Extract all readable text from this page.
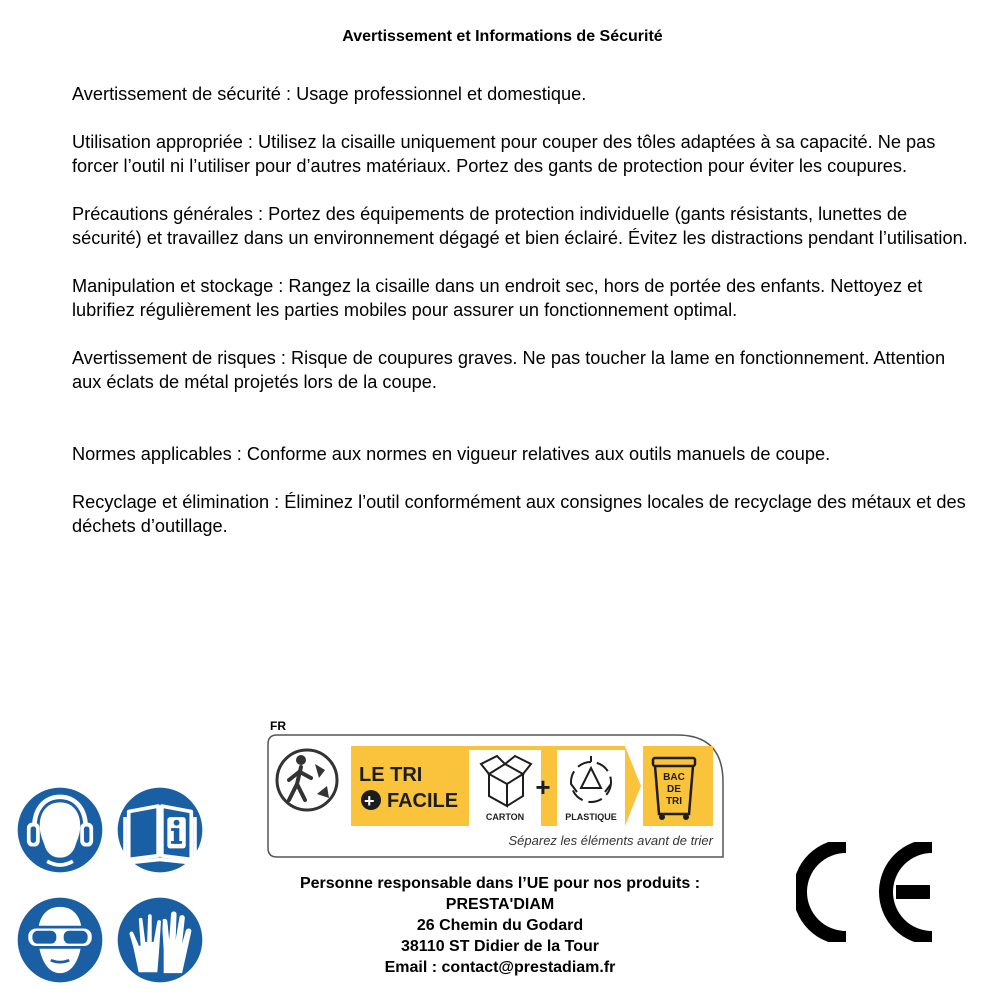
Avertissement et Informations de Sécurité

Avertissement de sécurité : Usage professionnel et domestique.

Utilisation appropriée : Utilisez la cisaille uniquement pour couper des tôles adaptées à sa capacité. Ne pas forcer l’outil ni l’utiliser pour d’autres matériaux. Portez des gants de protection pour éviter les coupures.

Précautions générales : Portez des équipements de protection individuelle (gants résistants, lunettes de sécurité) et travaillez dans un environnement dégagé et bien éclairé. Évitez les distractions pendant l’utilisation.

Manipulation et stockage : Rangez la cisaille dans un endroit sec, hors de portée des enfants. Nettoyez et lubrifiez régulièrement les parties mobiles pour assurer un fonctionnement optimal.

Avertissement de risques : Risque de coupures graves. Ne pas toucher la lame en fonctionnement. Attention aux éclats de métal projetés lors de la coupe.

Normes applicables : Conforme aux normes en vigueur relatives aux outils manuels de coupe.

Recyclage et élimination : Éliminez l’outil conformément aux consignes locales de recyclage des métaux et des déchets d’outillage.

FR
LE TRI
+ FACILE
CARTON
+
PLASTIQUE
BAC
DE
TRI
Séparez les éléments avant de trier
Personne responsable dans l’UE pour nos produits :
PRESTA'DIAM
26 Chemin du Godard
38110 ST Didier de la Tour
Email : contact@prestadiam.fr
